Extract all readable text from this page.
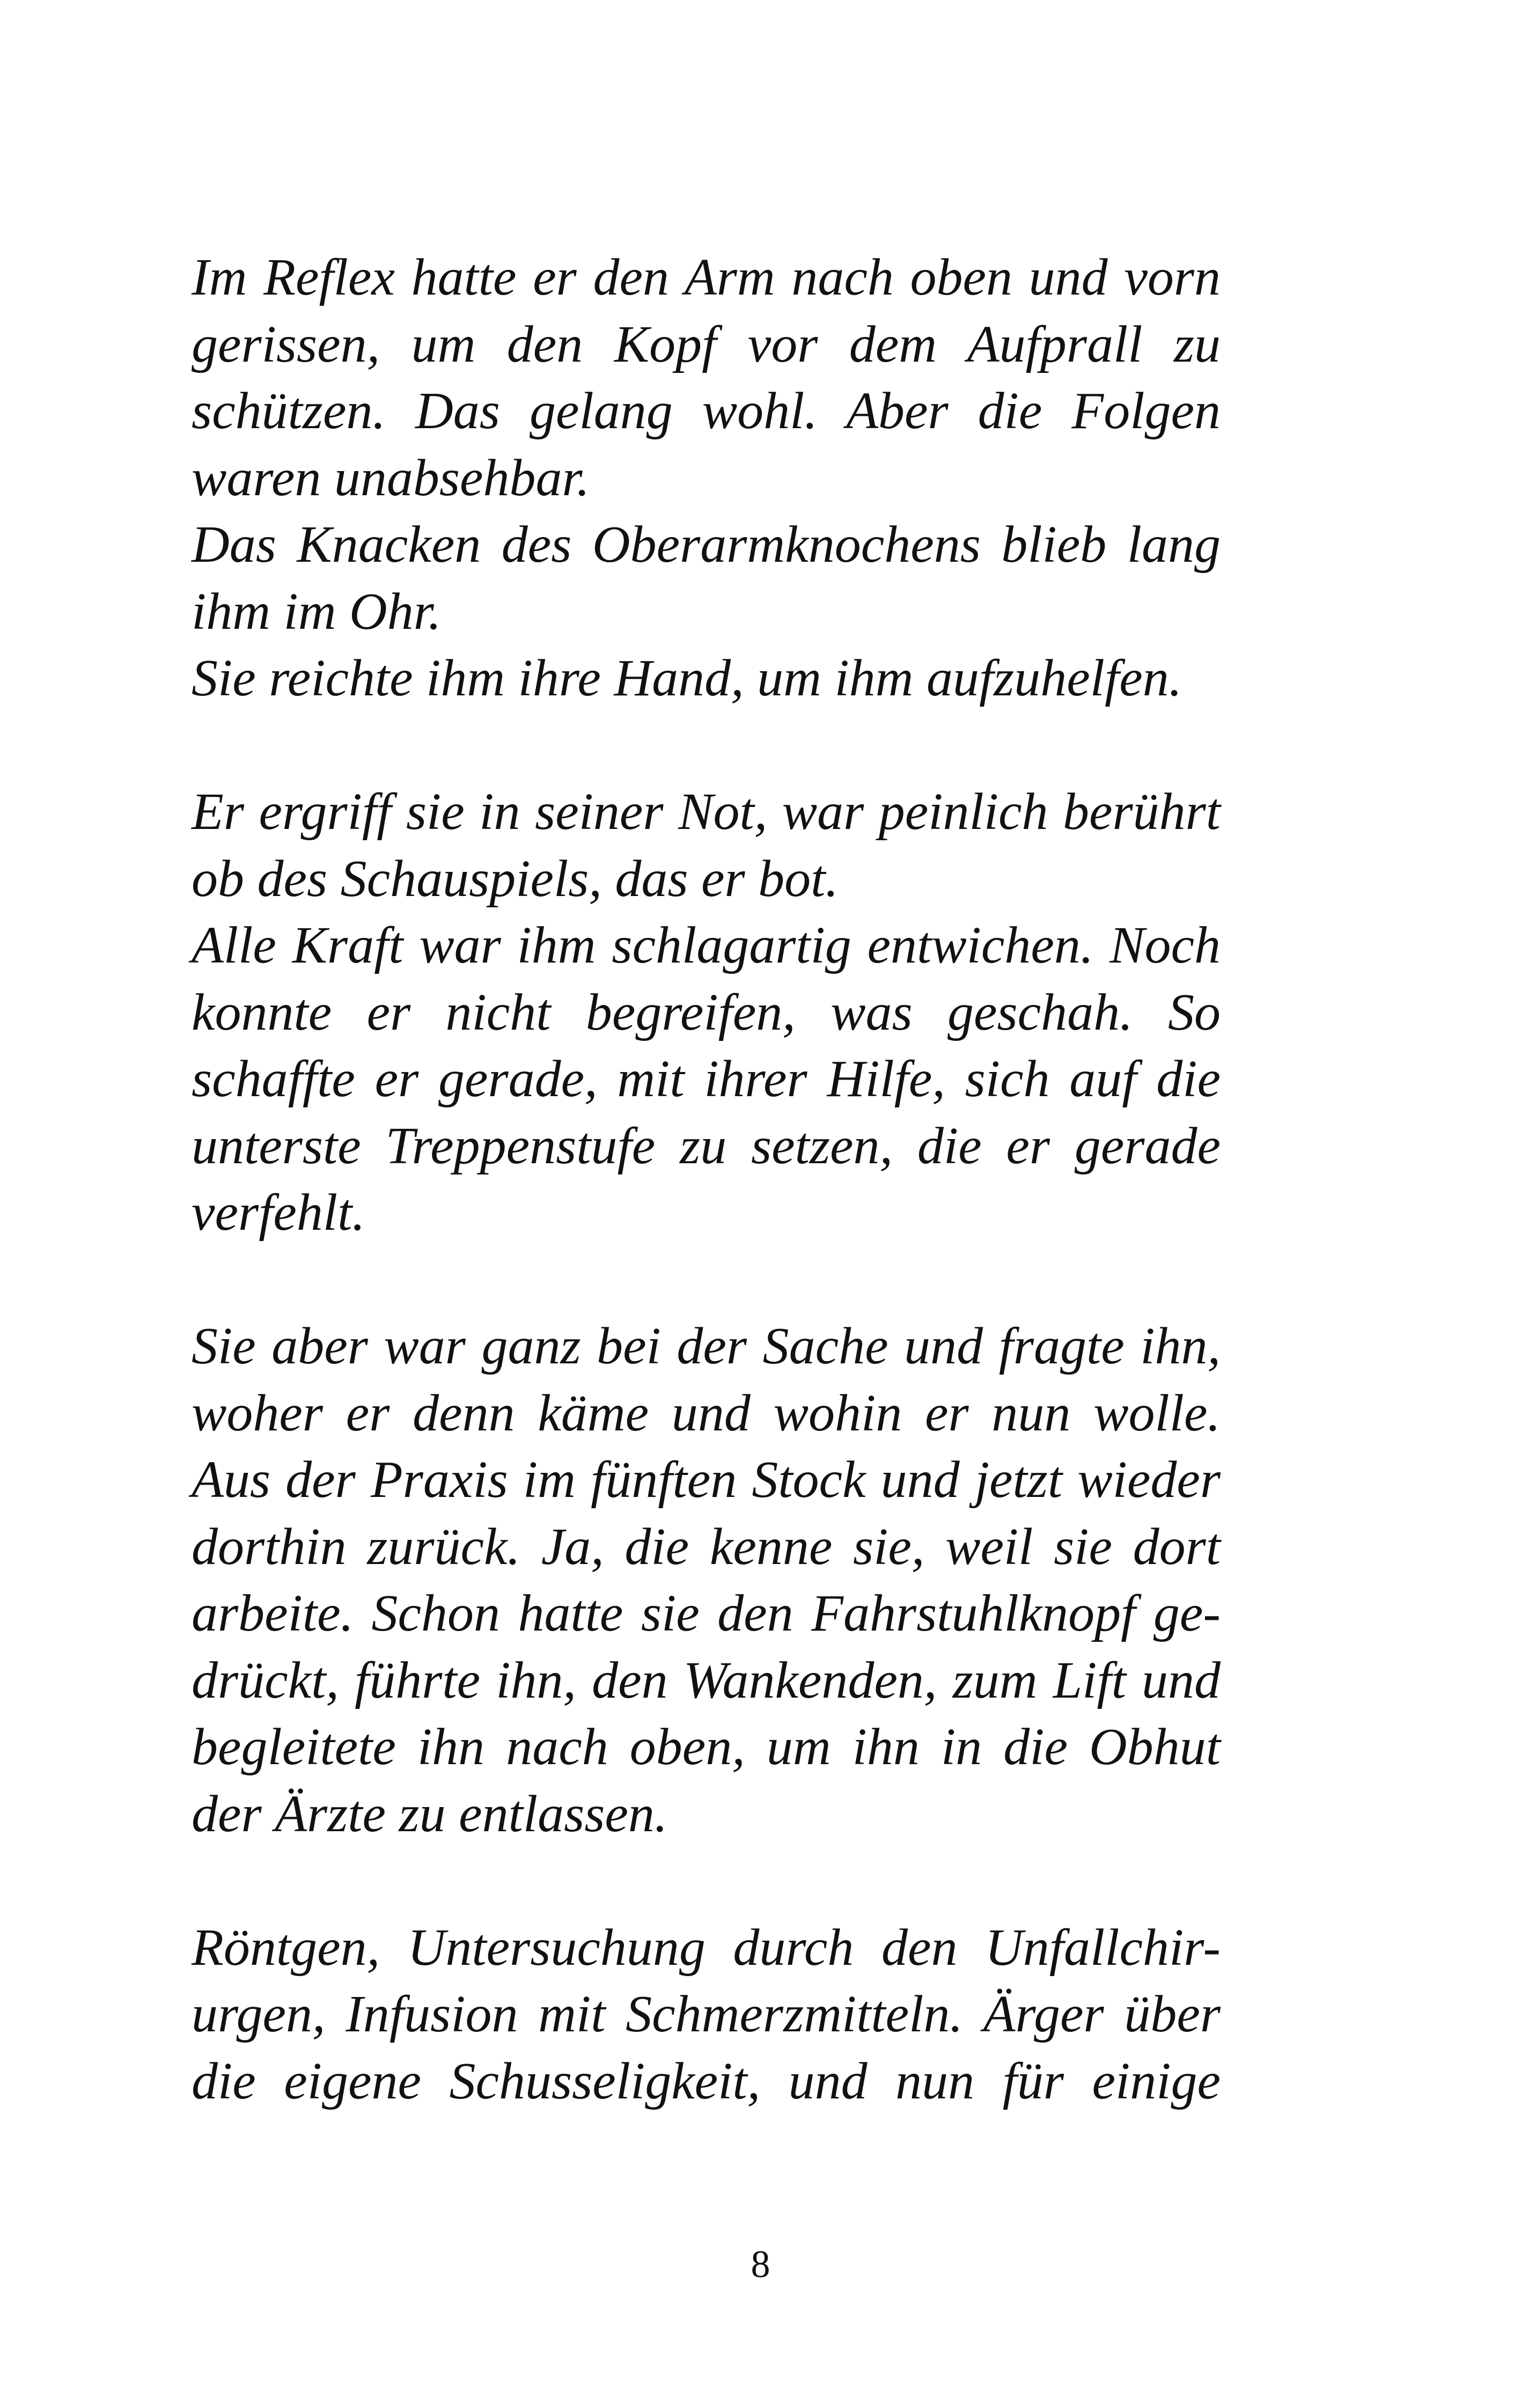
Im Reflex hatte er den Arm nach oben und vorn
gerissen, um den Kopf vor dem Aufprall zu
schützen. Das gelang wohl. Aber die Folgen
waren unabsehbar.
Das Knacken des Oberarmknochens blieb lang
ihm im Ohr.
Sie reichte ihm ihre Hand, um ihm aufzuhelfen.
Er ergriff sie in seiner Not, war peinlich berührt
ob des Schauspiels, das er bot.
Alle Kraft war ihm schlagartig entwichen. Noch
konnte er nicht begreifen, was geschah. So
schaffte er gerade, mit ihrer Hilfe, sich auf die
unterste Treppenstufe zu setzen, die er gerade
verfehlt.
Sie aber war ganz bei der Sache und fragte ihn,
woher er denn käme und wohin er nun wolle.
Aus der Praxis im fünften Stock und jetzt wieder
dorthin zurück. Ja, die kenne sie, weil sie dort
arbeite. Schon hatte sie den Fahrstuhlknopf ge-
drückt, führte ihn, den Wankenden, zum Lift und
begleitete ihn nach oben, um ihn in die Obhut
der Ärzte zu entlassen.
Röntgen, Untersuchung durch den Unfallchir-
urgen, Infusion mit Schmerzmitteln. Ärger über
die eigene Schusseligkeit, und nun für einige
8
